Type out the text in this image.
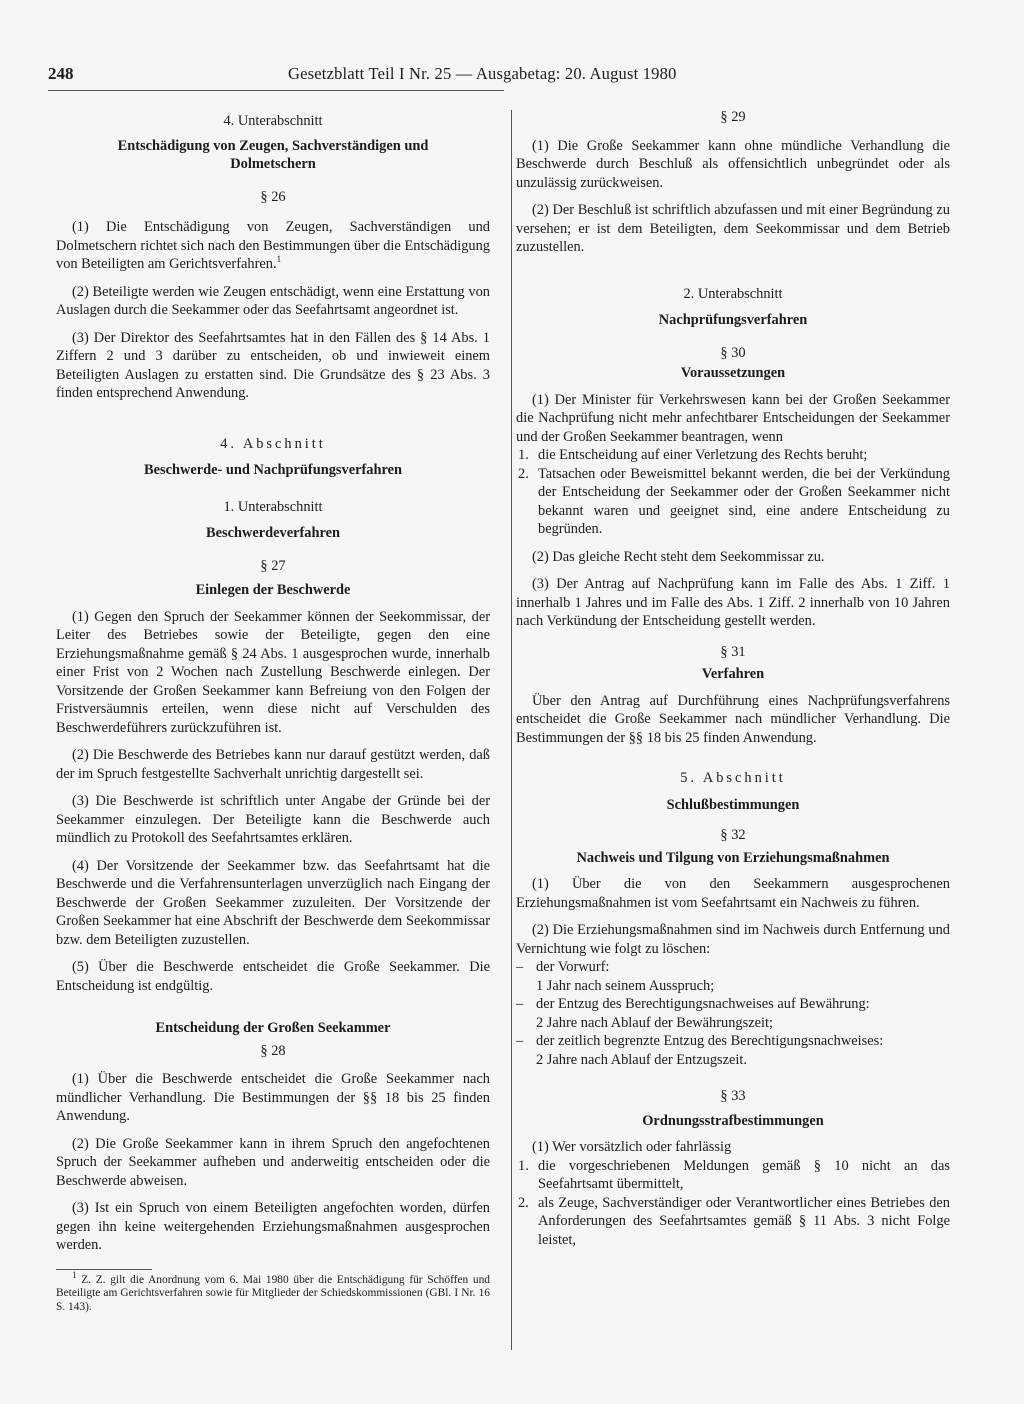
248	Gesetzblatt Teil I Nr. 25 — Ausgabetag: 20. August 1980
4. Unterabschnitt
Entschädigung von Zeugen, Sachverständigen und Dolmetschern
§ 26

(1) Die Entschädigung von Zeugen, Sachverständigen und Dolmetschern richtet sich nach den Bestimmungen über die Entschädigung von Beteiligten am Gerichtsverfahren.$^1$

(2) Beteiligte werden wie Zeugen entschädigt, wenn eine Erstattung von Auslagen durch die Seekammer oder das Seefahrtsamt angeordnet ist.

(3) Der Direktor des Seefahrtsamtes hat in den Fällen des § 14 Abs. 1 Ziffern 2 und 3 darüber zu entscheiden, ob und inwieweit einem Beteiligten Auslagen zu erstatten sind. Die Grundsätze des § 23 Abs. 3 finden entsprechend Anwendung.

4. Abschnitt
Beschwerde- und Nachprüfungsverfahren
1. Unterabschnitt
Beschwerdeverfahren
§ 27
Einlegen der Beschwerde

(1) Gegen den Spruch der Seekammer können der Seekommissar, der Leiter des Betriebes sowie der Beteiligte, gegen den eine Erziehungsmaßnahme gemäß § 24 Abs. 1 ausgesprochen wurde, innerhalb einer Frist von 2 Wochen nach Zustellung Beschwerde einlegen. Der Vorsitzende der Großen Seekammer kann Befreiung von den Folgen der Fristversäumnis erteilen, wenn diese nicht auf Verschulden des Beschwerdeführers zurückzuführen ist.

(2) Die Beschwerde des Betriebes kann nur darauf gestützt werden, daß der im Spruch festgestellte Sachverhalt unrichtig dargestellt sei.

(3) Die Beschwerde ist schriftlich unter Angabe der Gründe bei der Seekammer einzulegen. Der Beteiligte kann die Beschwerde auch mündlich zu Protokoll des Seefahrtsamtes erklären.

(4) Der Vorsitzende der Seekammer bzw. das Seefahrtsamt hat die Beschwerde und die Verfahrensunterlagen unverzüglich nach Eingang der Beschwerde der Großen Seekammer zuzuleiten. Der Vorsitzende der Großen Seekammer hat eine Abschrift der Beschwerde dem Seekommissar bzw. dem Beteiligten zuzustellen.

(5) Über die Beschwerde entscheidet die Große Seekammer. Die Entscheidung ist endgültig.

Entscheidung der Großen Seekammer
§ 28

(1) Über die Beschwerde entscheidet die Große Seekammer nach mündlicher Verhandlung. Die Bestimmungen der §§ 18 bis 25 finden Anwendung.

(2) Die Große Seekammer kann in ihrem Spruch den angefochtenen Spruch der Seekammer aufheben und anderweitig entscheiden oder die Beschwerde abweisen.

(3) Ist ein Spruch von einem Beteiligten angefochten worden, dürfen gegen ihn keine weitergehenden Erziehungsmaßnahmen ausgesprochen werden.

$^1$ Z. Z. gilt die Anordnung vom 6. Mai 1980 über die Entschädigung für Schöffen und Beteiligte am Gerichtsverfahren sowie für Mitglieder der Schiedskommissionen (GBl. I Nr. 16 S. 143).

§ 29

(1) Die Große Seekammer kann ohne mündliche Verhandlung die Beschwerde durch Beschluß als offensichtlich unbegründet oder als unzulässig zurückweisen.

(2) Der Beschluß ist schriftlich abzufassen und mit einer Begründung zu versehen; er ist dem Beteiligten, dem Seekommissar und dem Betrieb zuzustellen.

2. Unterabschnitt
Nachprüfungsverfahren
§ 30
Voraussetzungen

(1) Der Minister für Verkehrswesen kann bei der Großen Seekammer die Nachprüfung nicht mehr anfechtbarer Entscheidungen der Seekammer und der Großen Seekammer beantragen, wenn

1. die Entscheidung auf einer Verletzung des Rechts beruht;
2. Tatsachen oder Beweismittel bekannt werden, die bei der Verkündung der Entscheidung der Seekammer oder der Großen Seekammer nicht bekannt waren und geeignet sind, eine andere Entscheidung zu begründen.

(2) Das gleiche Recht steht dem Seekommissar zu.

(3) Der Antrag auf Nachprüfung kann im Falle des Abs. 1 Ziff. 1 innerhalb 1 Jahres und im Falle des Abs. 1 Ziff. 2 innerhalb von 10 Jahren nach Verkündung der Entscheidung gestellt werden.

§ 31
Verfahren

Über den Antrag auf Durchführung eines Nachprüfungsverfahrens entscheidet die Große Seekammer nach mündlicher Verhandlung. Die Bestimmungen der §§ 18 bis 25 finden Anwendung.

5. Abschnitt
Schlußbestimmungen
§ 32
Nachweis und Tilgung von Erziehungsmaßnahmen

(1) Über die von den Seekammern ausgesprochenen Erziehungsmaßnahmen ist vom Seefahrtsamt ein Nachweis zu führen.

(2) Die Erziehungsmaßnahmen sind im Nachweis durch Entfernung und Vernichtung wie folgt zu löschen:

– der Vorwurf:
1 Jahr nach seinem Ausspruch;
– der Entzug des Berechtigungsnachweises auf Bewährung:
2 Jahre nach Ablauf der Bewährungszeit;
– der zeitlich begrenzte Entzug des Berechtigungsnachweises:
2 Jahre nach Ablauf der Entzugszeit.
§ 33
Ordnungsstrafbestimmungen

(1) Wer vorsätzlich oder fahrlässig

1. die vorgeschriebenen Meldungen gemäß § 10 nicht an das Seefahrtsamt übermittelt,
2. als Zeuge, Sachverständiger oder Verantwortlicher eines Betriebes den Anforderungen des Seefahrtsamtes gemäß § 11 Abs. 3 nicht Folge leistet,
